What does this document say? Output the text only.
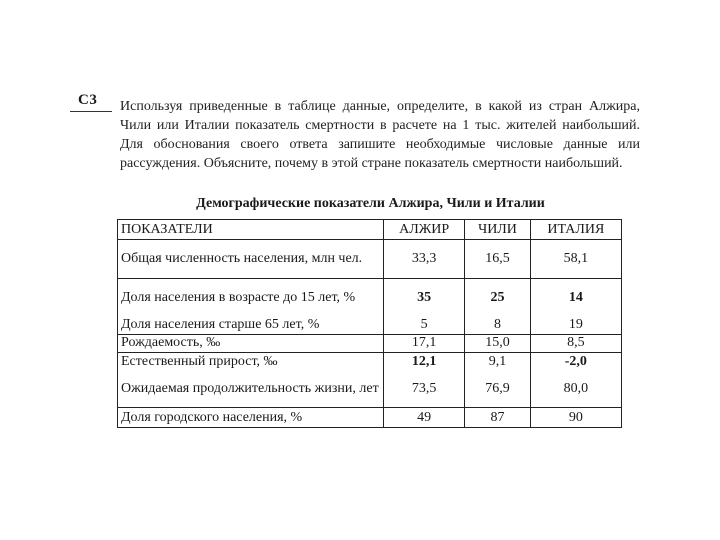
С3 Используя приведенные в таблице данные, определите, в какой из стран Алжира, Чили или Италии показатель смертности в расчете на 1 тыс. жителей наибольший. Для обоснования своего ответа запишите необходимые числовые данные или рассуждения. Объясните, почему в этой стране показатель смертности наибольший.
Демографические показатели Алжира, Чили и Италии
ПОКАЗАТЕЛИ	АЛЖИР	ЧИЛИ	ИТАЛИЯ
Общая численность населения, млн чел.	33,3	16,5	58,1
Доля населения в возрасте до 15 лет, %	35	25	14
Доля населения старше 65 лет, %	5	8	19
Рождаемость, ‰	17,1	15,0	8,5
Естественный прирост, ‰	12,1	9,1	-2,0
Ожидаемая продолжительность жизни, лет	73,5	76,9	80,0
Доля городского населения, %	49	87	90
